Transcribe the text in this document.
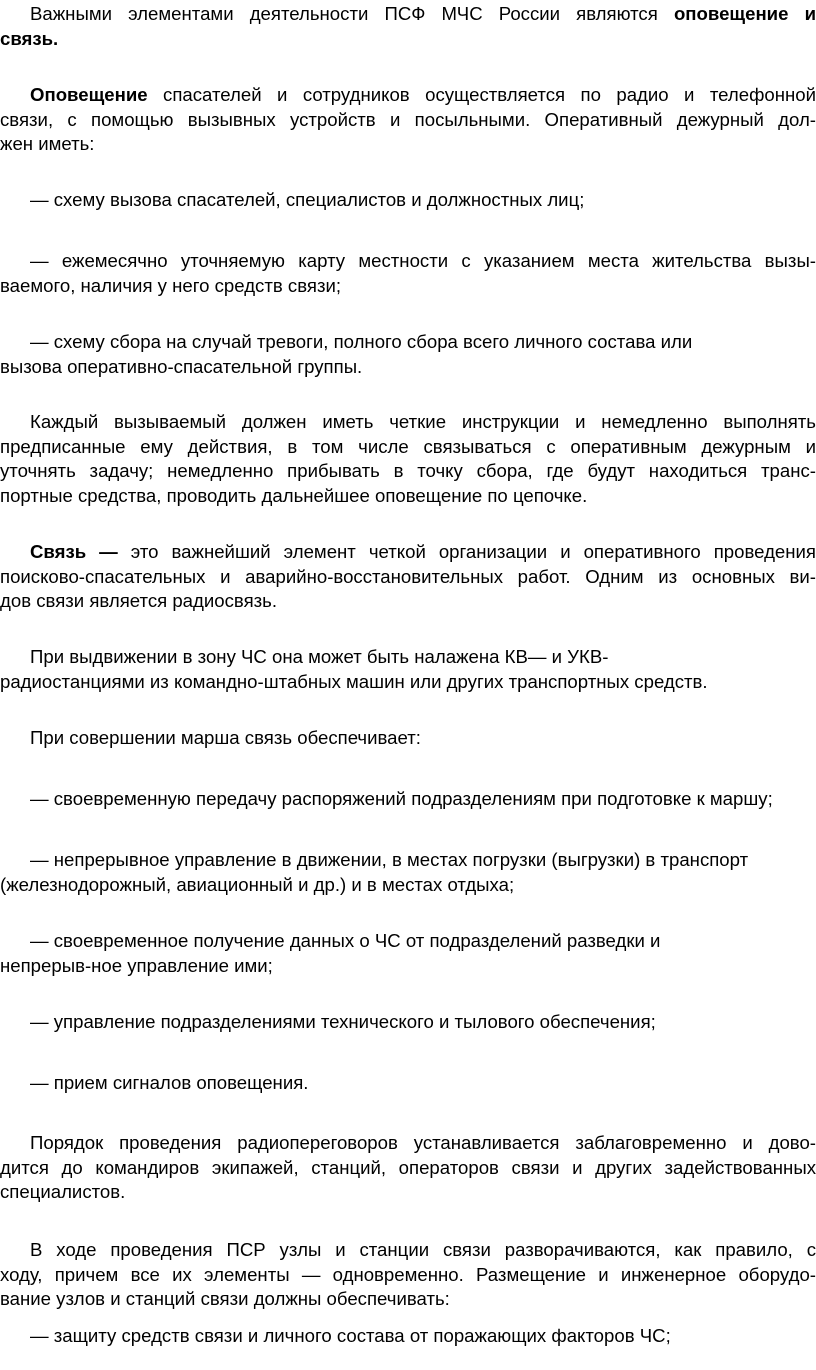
Важными элементами деятельности ПСФ МЧС России являются оповещение и
связь.
Оповещение спасателей и сотрудников осуществляется по радио и телефонной
связи, с помощью вызывных устройств и посыльными. Оперативный дежурный дол-
жен иметь:
— схему вызова спасателей, специалистов и должностных лиц;
— ежемесячно уточняемую карту местности с указанием места жительства вызы-
ваемого, наличия у него средств связи;
— схему сбора на случай тревоги, полного сбора всего личного состава или
вызова оперативно-спасательной группы.
Каждый вызываемый должен иметь четкие инструкции и немедленно выполнять
предписанные ему действия, в том числе связываться с оперативным дежурным и
уточнять задачу; немедленно прибывать в точку сбора, где будут находиться транс-
портные средства, проводить дальнейшее оповещение по цепочке.
Связь — это важнейший элемент четкой организации и оперативного проведения
поисково-спасательных и аварийно-восстановительных работ. Одним из основных ви-
дов связи является радиосвязь.
При выдвижении в зону ЧС она может быть налажена КВ— и УКВ-
радиостанциями из командно-штабных машин или других транспортных средств.
При совершении марша связь обеспечивает:
— своевременную передачу распоряжений подразделениям при подготовке к маршу;
— непрерывное управление в движении, в местах погрузки (выгрузки) в транспорт
(железнодорожный, авиационный и др.) и в местах отдыха;
— своевременное получение данных о ЧС от подразделений разведки и
непрерыв-ное управление ими;
— управление подразделениями технического и тылового обеспечения;
— прием сигналов оповещения.
Порядок проведения радиопереговоров устанавливается заблаговременно и дово-
дится до командиров экипажей, станций, операторов связи и других задействованных
специалистов.
В ходе проведения ПСР узлы и станции связи разворачиваются, как правило, с
ходу, причем все их элементы — одновременно. Размещение и инженерное оборудо-
вание узлов и станций связи должны обеспечивать:
— защиту средств связи и личного состава от поражающих факторов ЧС;
